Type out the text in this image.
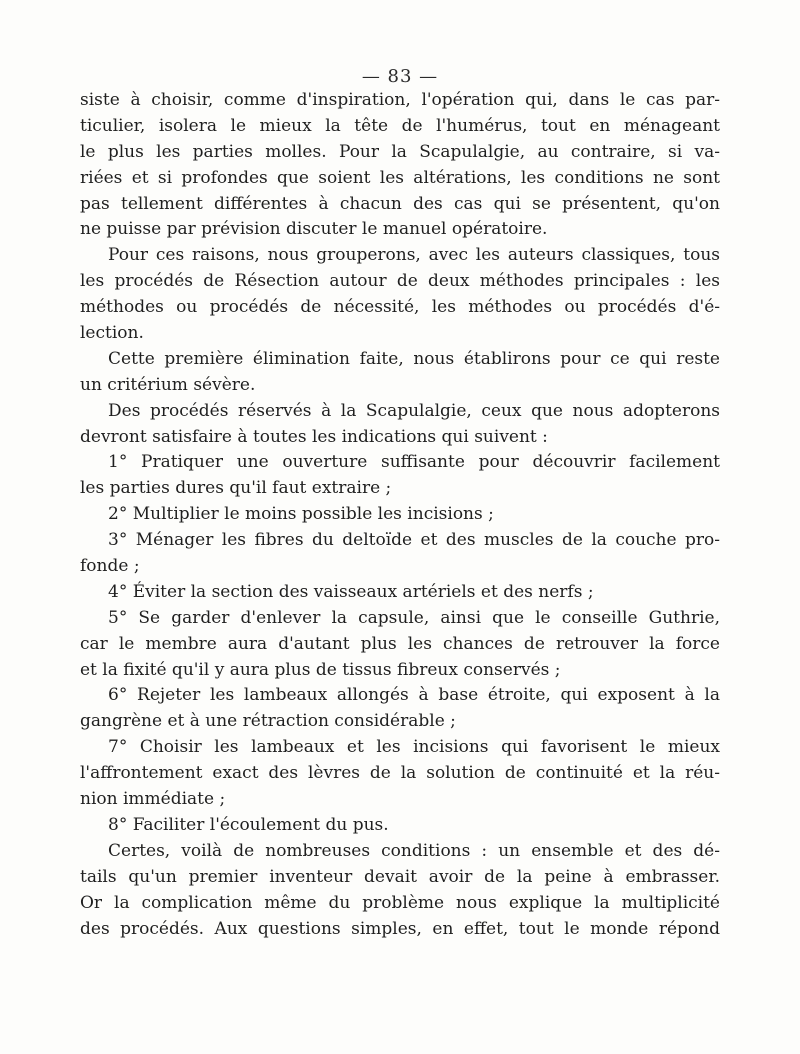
— 83 —
siste à choisir, comme d'inspiration, l'opération qui, dans le cas par-
ticulier, isolera le mieux la tête de l'humérus, tout en ménageant
le plus les parties molles. Pour la Scapulalgie, au contraire, si va-
riées et si profondes que soient les altérations, les conditions ne sont
pas tellement différentes à chacun des cas qui se présentent, qu'on
ne puisse par prévision discuter le manuel opératoire.
Pour ces raisons, nous grouperons, avec les auteurs classiques, tous
les procédés de Résection autour de deux méthodes principales : les
méthodes ou procédés de nécessité, les méthodes ou procédés d'é-
lection.
Cette première élimination faite, nous établirons pour ce qui reste
un critérium sévère.
Des procédés réservés à la Scapulalgie, ceux que nous adopterons
devront satisfaire à toutes les indications qui suivent :
1° Pratiquer une ouverture suffisante pour découvrir facilement
les parties dures qu'il faut extraire ;
2° Multiplier le moins possible les incisions ;
3° Ménager les fibres du deltoïde et des muscles de la couche pro-
fonde ;
4° Éviter la section des vaisseaux artériels et des nerfs ;
5° Se garder d'enlever la capsule, ainsi que le conseille Guthrie,
car le membre aura d'autant plus les chances de retrouver la force
et la fixité qu'il y aura plus de tissus fibreux conservés ;
6° Rejeter les lambeaux allongés à base étroite, qui exposent à la
gangrène et à une rétraction considérable ;
7° Choisir les lambeaux et les incisions qui favorisent le mieux
l'affrontement exact des lèvres de la solution de continuité et la réu-
nion immédiate ;
8° Faciliter l'écoulement du pus.
Certes, voilà de nombreuses conditions : un ensemble et des dé-
tails qu'un premier inventeur devait avoir de la peine à embrasser.
Or la complication même du problème nous explique la multiplicité
des procédés. Aux questions simples, en effet, tout le monde répond
